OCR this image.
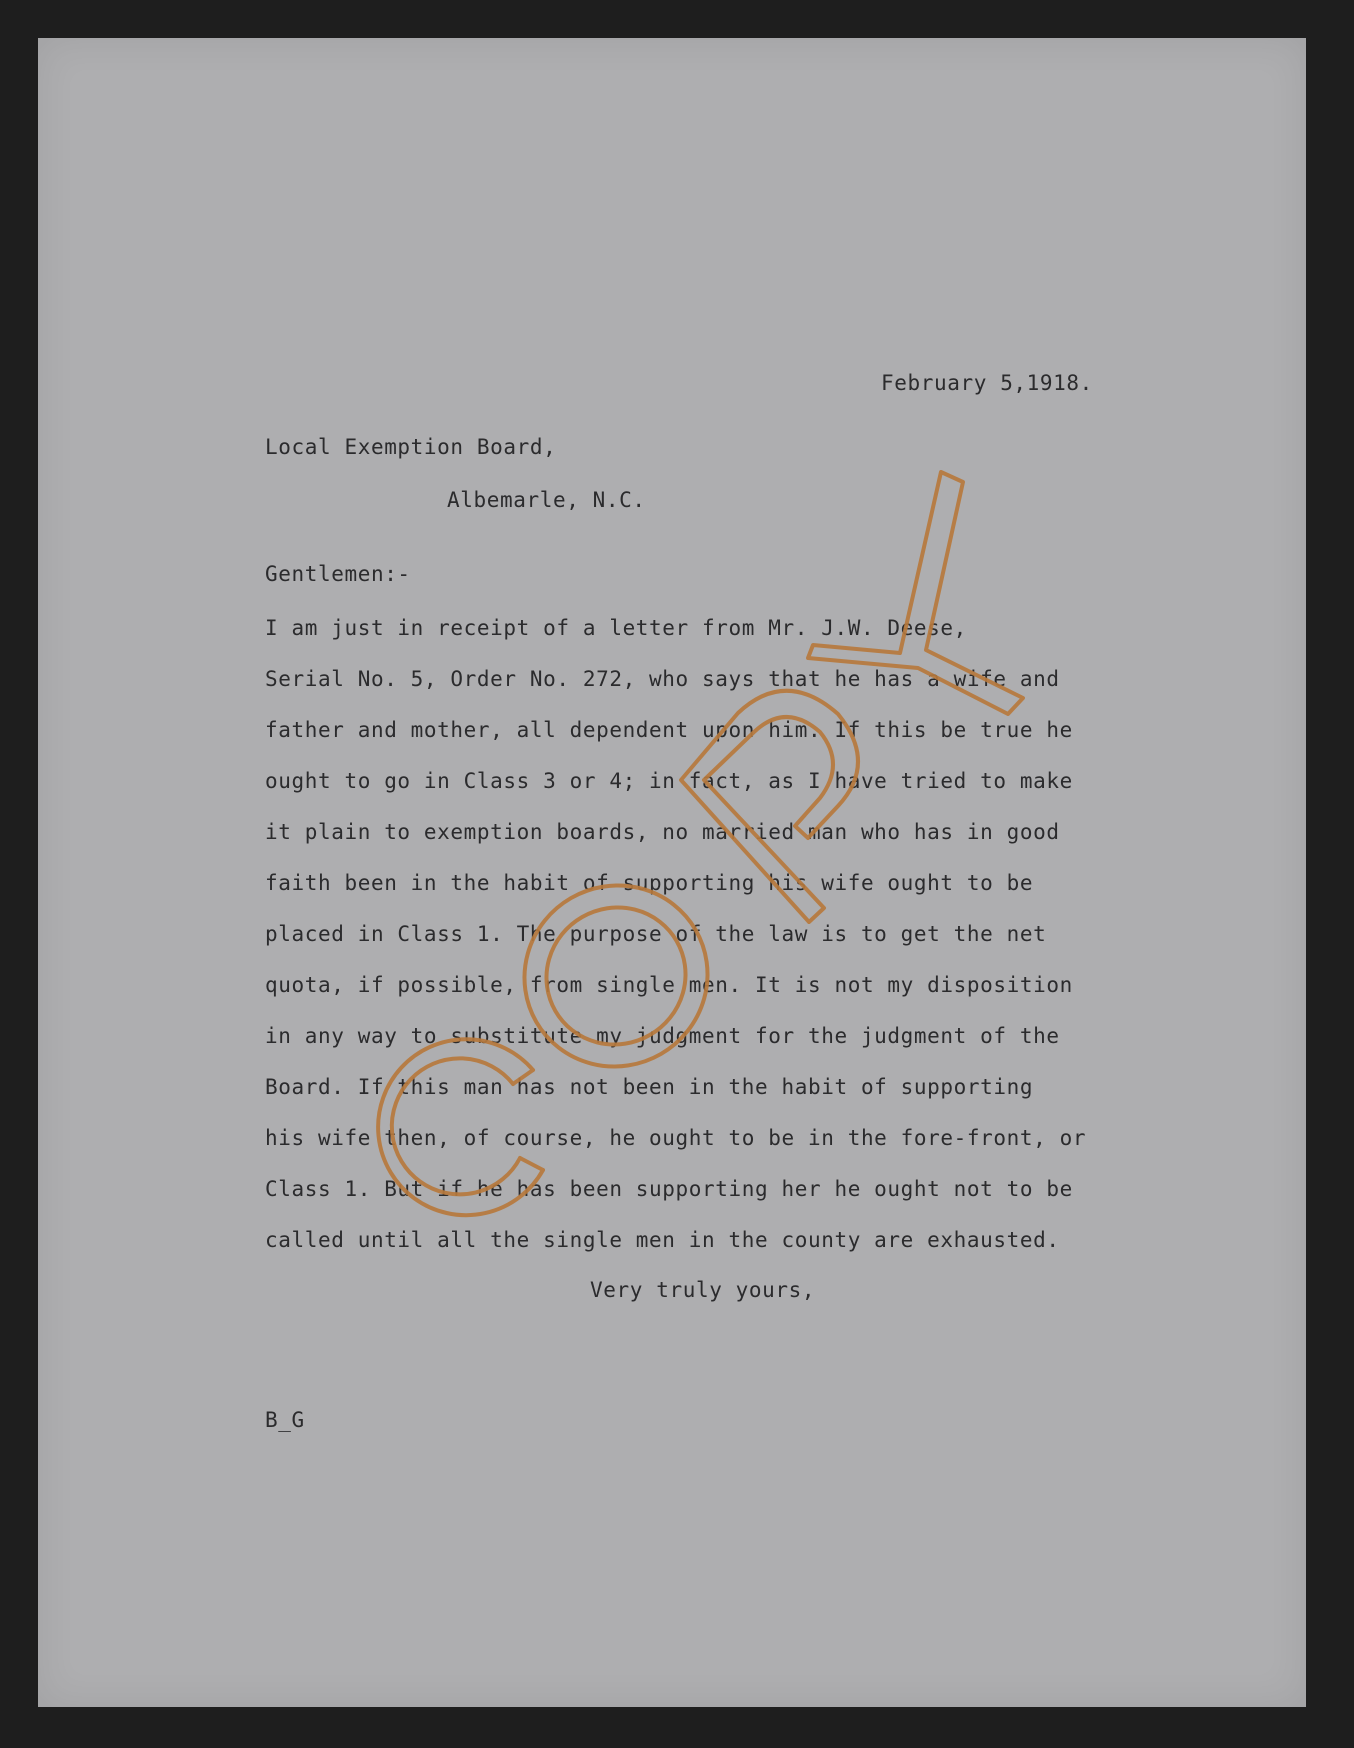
February 5,1918.
Local Exemption Board,
Albemarle, N.C.
Gentlemen:-
I am just in receipt of a letter from Mr. J.W. Deese,
Serial No. 5, Order No. 272, who says that he has a wife and
father and mother, all dependent upon him. If this be true he
ought to go in Class 3 or 4; in fact, as I have tried to make
it plain to exemption boards, no married man who has in good
faith been in the habit of supporting his wife ought to be
placed in Class 1. The purpose of the law is to get the net
quota, if possible, from single men. It is not my disposition
in any way to substitute my judgment for the judgment of the
Board. If this man has not been in the habit of supporting
his wife then, of course, he ought to be in the fore-front, or
Class 1. But if he has been supporting her he ought not to be
called until all the single men in the county are exhausted.
Very truly yours,
B_G
